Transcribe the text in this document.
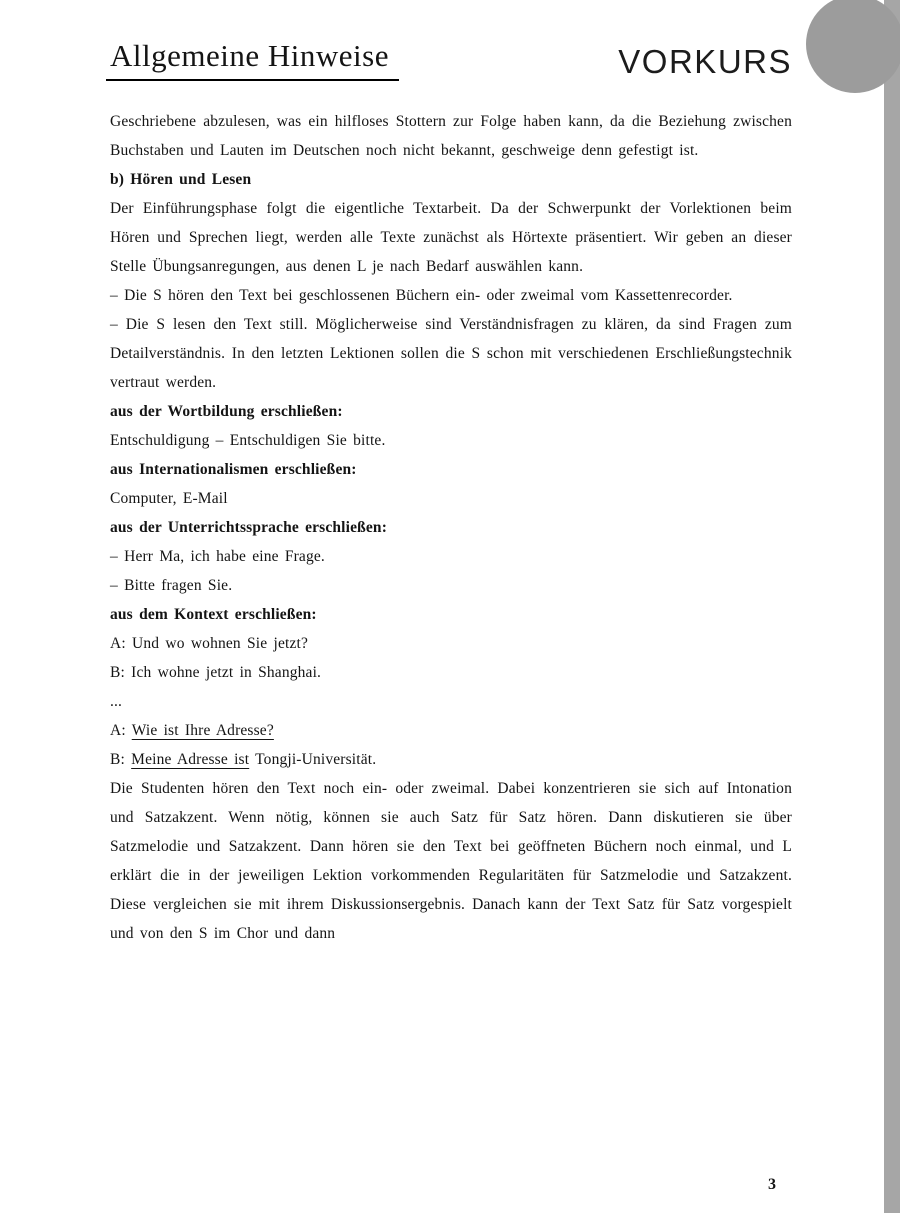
Allgemeine Hinweise	VORKURS

Geschriebene abzulesen, was ein hilfloses Stottern zur Folge haben kann, da die Beziehung zwischen Buchstaben und Lauten im Deutschen noch nicht bekannt, geschweige denn gefestigt ist.

b) Hören und Lesen

Der Einführungsphase folgt die eigentliche Textarbeit. Da der Schwerpunkt der Vorlektionen beim Hören und Sprechen liegt, werden alle Texte zunächst als Hörtexte präsentiert. Wir geben an dieser Stelle Übungsanregungen, aus denen L je nach Bedarf auswählen kann.

– Die S hören den Text bei geschlossenen Büchern ein- oder zweimal vom Kassettenrecorder.

– Die S lesen den Text still. Möglicherweise sind Verständnisfragen zu klären, da sind Fragen zum Detailverständnis. In den letzten Lektionen sollen die S schon mit verschiedenen Erschließungstechnik vertraut werden.

aus der Wortbildung erschließen:

Entschuldigung – Entschuldigen Sie bitte.

aus Internationalismen erschließen:

Computer, E-Mail

aus der Unterrichtssprache erschließen:

– Herr Ma, ich habe eine Frage.

– Bitte fragen Sie.

aus dem Kontext erschließen:
A: Und wo wohnen Sie jetzt?
B: Ich wohne jetzt in Shanghai.
...
A: Wie ist Ihre Adresse?
B: Meine Adresse ist Tongji-Universität.

Die Studenten hören den Text noch ein- oder zweimal. Dabei konzentrieren sie sich auf Intonation und Satzakzent. Wenn nötig, können sie auch Satz für Satz hören. Dann diskutieren sie über Satzmelodie und Satzakzent. Dann hören sie den Text bei geöffneten Büchern noch einmal, und L erklärt die in der jeweiligen Lektion vorkommenden Regularitäten für Satzmelodie und Satzakzent. Diese vergleichen sie mit ihrem Diskussionsergebnis. Danach kann der Text Satz für Satz vorgespielt und von den S im Chor und dann

3
